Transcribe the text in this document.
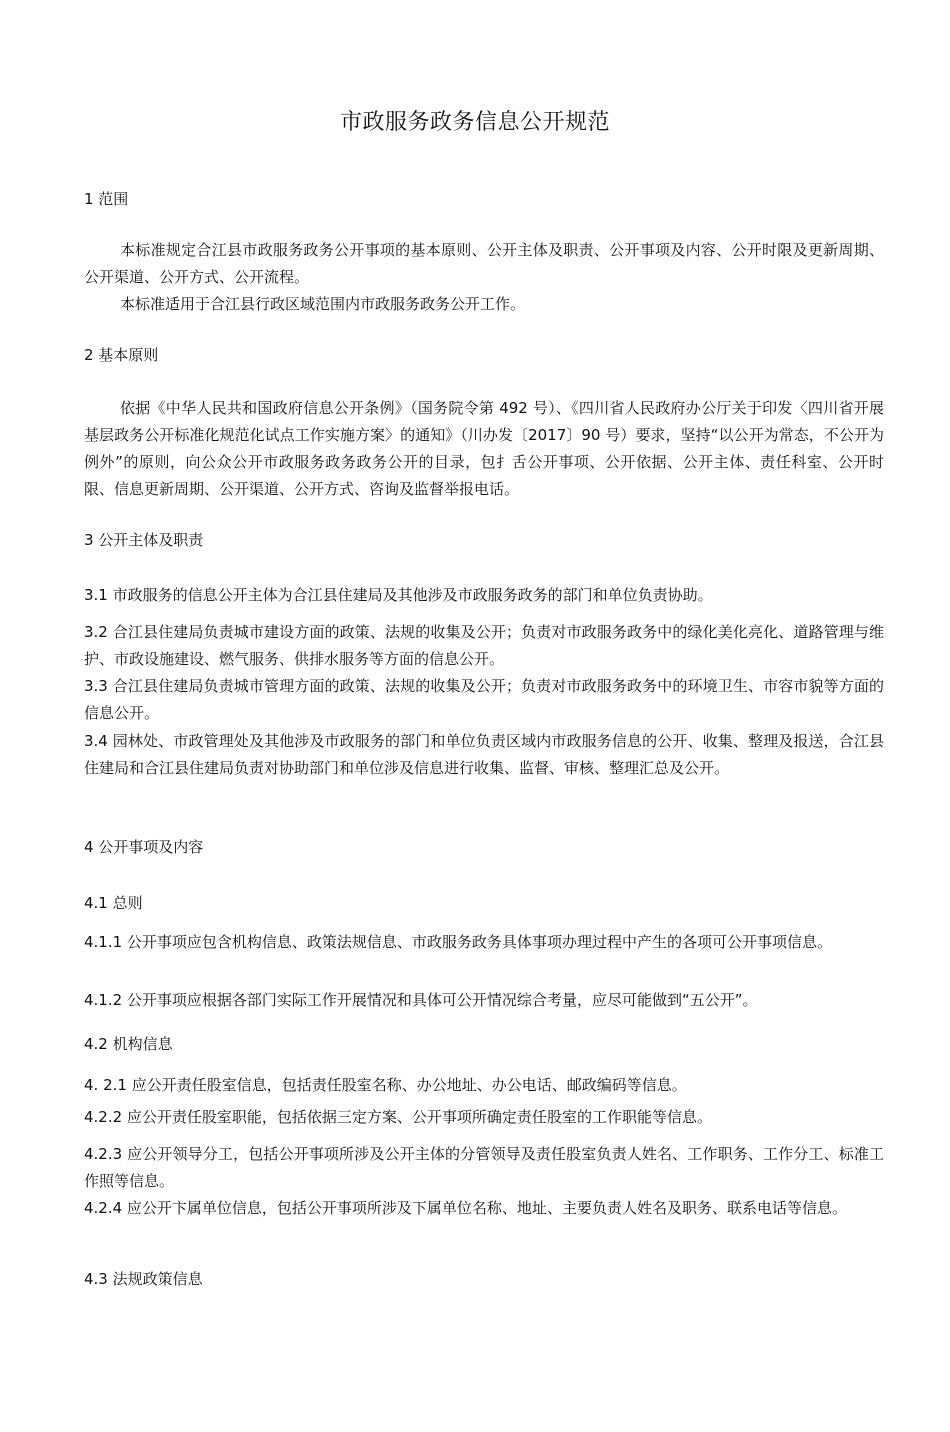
市政服务政务信息公开规范
1 范围
本标准规定合江县市政服务政务公开事项的基本原则、公开主体及职责、公开事项及内容、公开时限及更新周期、公开渠道、公开方式、公开流程。
本标准适用于合江县行政区域范围内市政服务政务公开工作。
2 基本原则
依据《中华人民共和国政府信息公开条例》（国务院令第 492 号）、《四川省人民政府办公厅关于印发〈四川省开展基层政务公开标准化规范化试点工作实施方案〉的通知》（川办发〔2017〕90 号）要求，坚持“以公开为常态，不公开为例外”的原则，向公众公开市政服务政务政务公开的目录，包扌舌公开事项、公开依据、公开主体、责任科室、公开时限、信息更新周期、公开渠道、公开方式、咨询及监督举报电话。
3 公开主体及职责
3.1 市政服务的信息公开主体为合江县住建局及其他涉及市政服务政务的部门和单位负责协助。
3.2 合江县住建局负责城市建设方面的政策、法规的收集及公开；负责对市政服务政务中的绿化美化亮化、道路管理与维护、市政设施建设、燃气服务、供排水服务等方面的信息公开。
3.3 合江县住建局负责城市管理方面的政策、法规的收集及公开；负责对市政服务政务中的环境卫生、市容市貌等方面的信息公开。
3.4 园林处、市政管理处及其他涉及市政服务的部门和单位负责区域内市政服务信息的公开、收集、整理及报送，合江县住建局和合江县住建局负责对协助部门和单位涉及信息进行收集、监督、审核、整理汇总及公开。
4 公开事项及内容
4.1 总则
4.1.1 公开事项应包含机构信息、政策法规信息、市政服务政务具体事项办理过程中产生的各项可公开事项信息。
4.1.2 公开事项应根据各部门实际工作开展情况和具体可公开情况综合考量，应尽可能做到“五公开”。
4.2 机构信息
4. 2.1 应公开责任股室信息，包括责任股室名称、办公地址、办公电话、邮政编码等信息。
4.2.2 应公开责任股室职能，包括依据三定方案、公开事项所确定责任股室的工作职能等信息。
4.2.3 应公开领导分工，包括公开事项所涉及公开主体的分管领导及责任股室负责人姓名、工作职务、工作分工、标准工作照等信息。
4.2.4 应公开卞属单位信息，包括公开事项所涉及下属单位名称、地址、主要负责人姓名及职务、联系电话等信息。
4.3 法规政策信息
